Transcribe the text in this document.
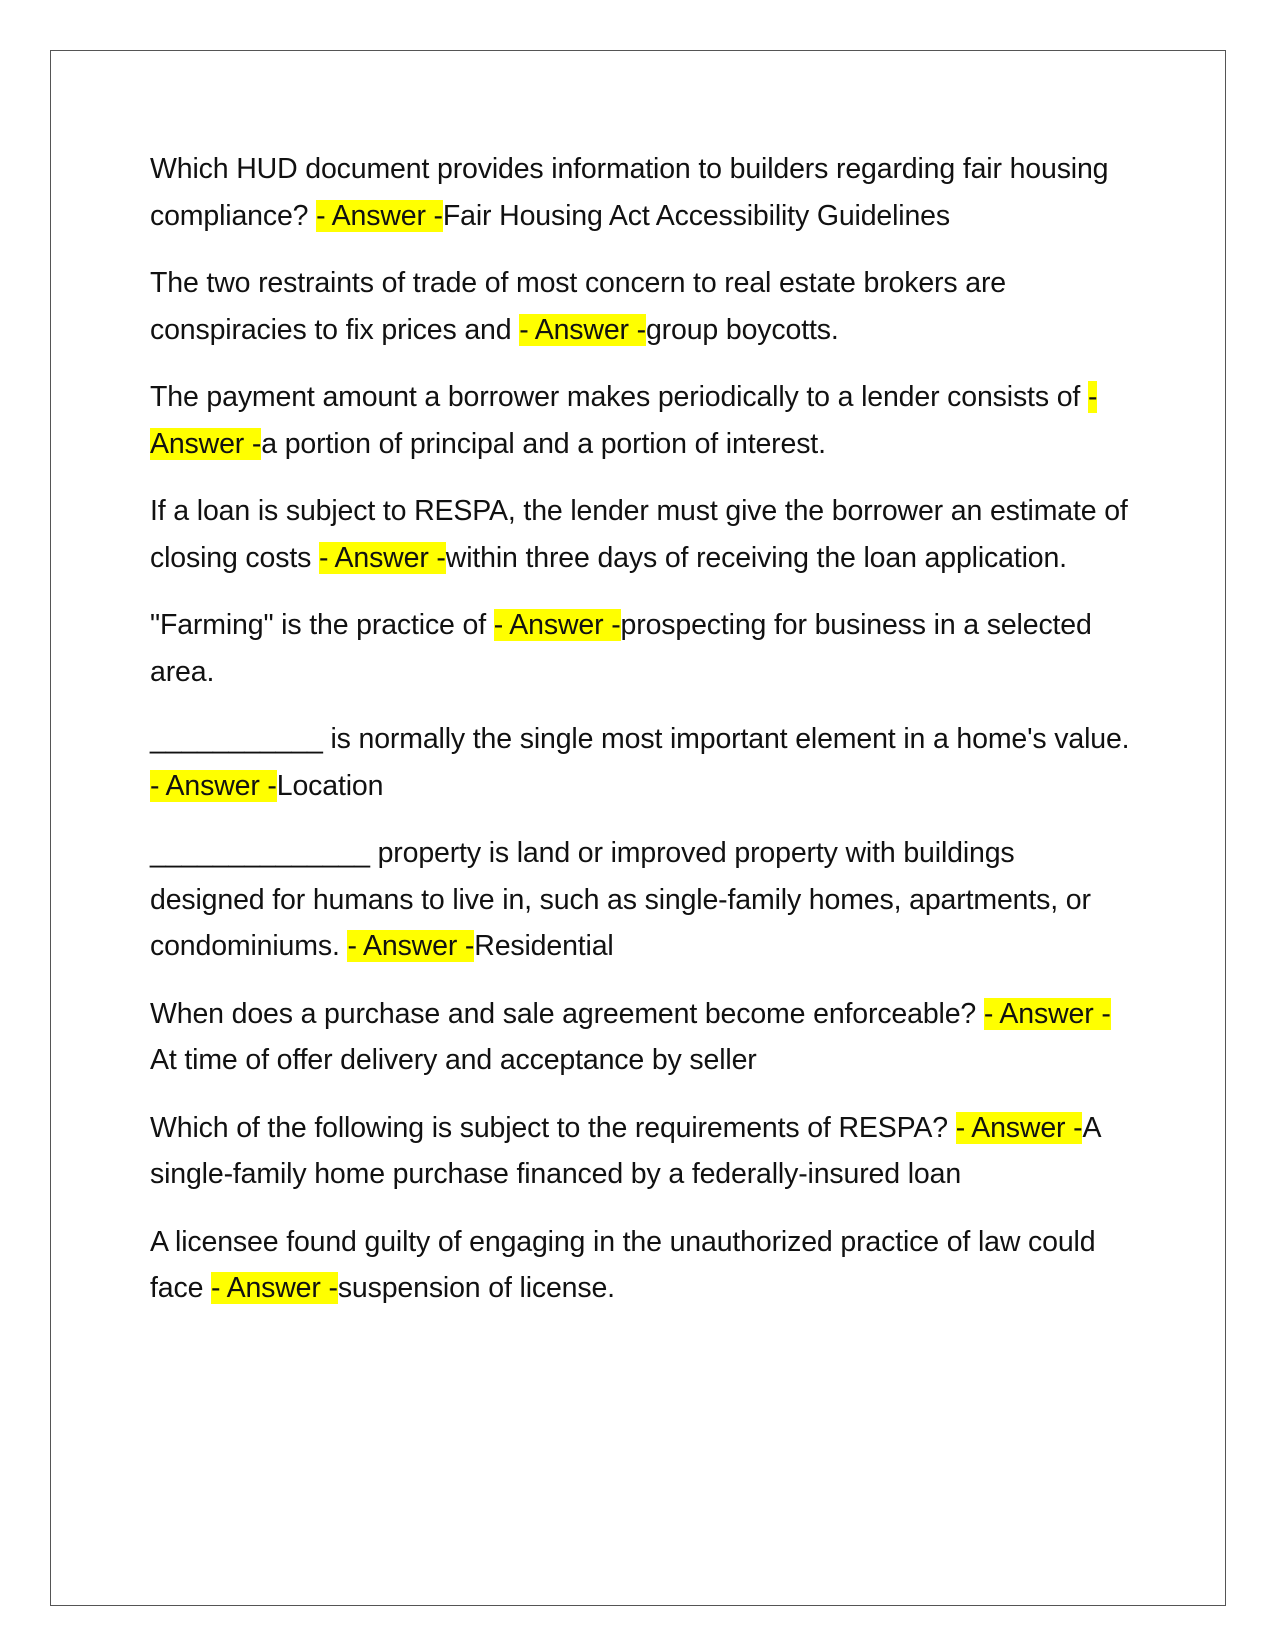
Which HUD document provides information to builders regarding fair housing compliance? - Answer -Fair Housing Act Accessibility Guidelines

The two restraints of trade of most concern to real estate brokers are conspiracies to fix prices and - Answer -group boycotts.

The payment amount a borrower makes periodically to a lender consists of - Answer -a portion of principal and a portion of interest.

If a loan is subject to RESPA, the lender must give the borrower an estimate of closing costs - Answer -within three days of receiving the loan application.

"Farming" is the practice of - Answer -prospecting for business in a selected area.

___________ is normally the single most important element in a home's value. - Answer -Location

______________ property is land or improved property with buildings designed for humans to live in, such as single-family homes, apartments, or condominiums. - Answer -Residential

When does a purchase and sale agreement become enforceable? - Answer -At time of offer delivery and acceptance by seller

Which of the following is subject to the requirements of RESPA? - Answer -A single-family home purchase financed by a federally-insured loan

A licensee found guilty of engaging in the unauthorized practice of law could face - Answer -suspension of license.
